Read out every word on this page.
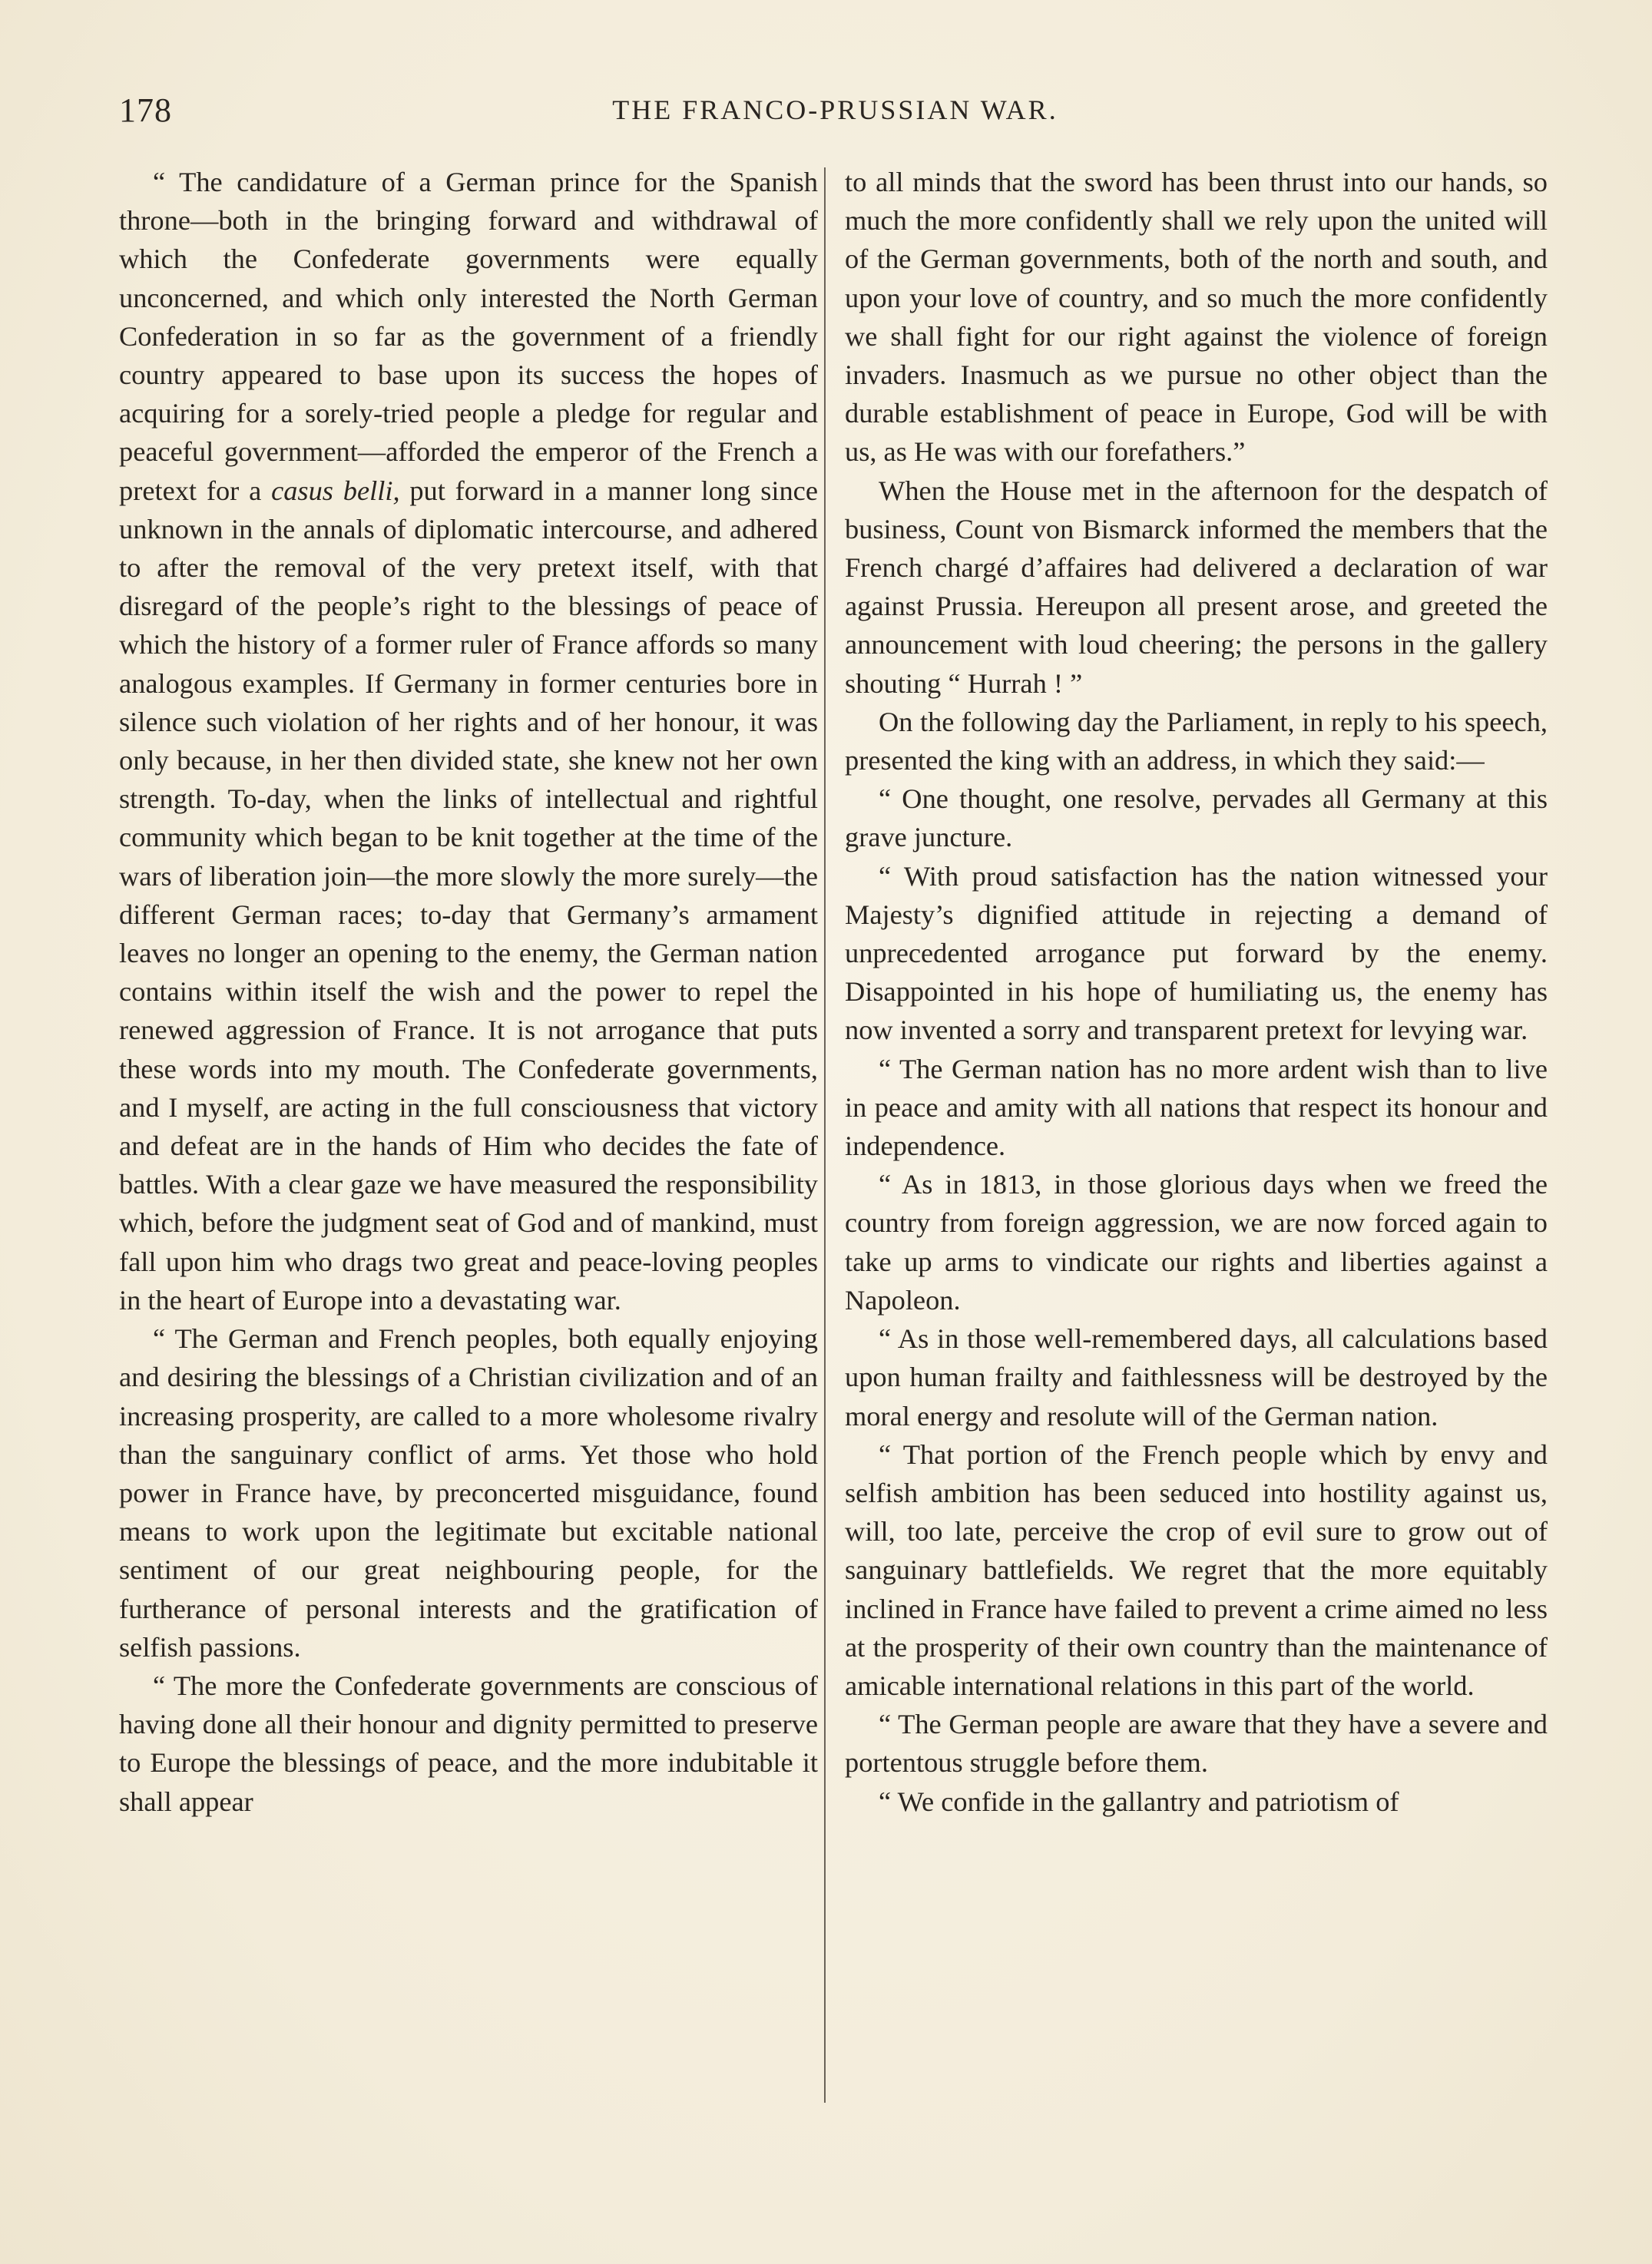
178	THE FRANCO-PRUSSIAN WAR.

“ The candidature of a German prince for the Spanish throne—both in the bringing forward and withdrawal of which the Confederate governments were equally unconcerned, and which only interested the North German Confederation in so far as the government of a friendly country appeared to base upon its success the hopes of acquiring for a sorely-tried people a pledge for regular and peaceful government—afforded the emperor of the French a pretext for a casus belli, put forward in a manner long since unknown in the annals of diplomatic intercourse, and adhered to after the removal of the very pretext itself, with that disregard of the people’s right to the blessings of peace of which the history of a former ruler of France affords so many analogous examples. If Germany in former centuries bore in silence such violation of her rights and of her honour, it was only because, in her then divided state, she knew not her own strength. To-day, when the links of intellectual and rightful community which began to be knit together at the time of the wars of liberation join—the more slowly the more surely—the different German races; to-day that Germany’s armament leaves no longer an opening to the enemy, the German nation contains within itself the wish and the power to repel the renewed aggression of France. It is not arrogance that puts these words into my mouth. The Confederate governments, and I myself, are acting in the full consciousness that victory and defeat are in the hands of Him who decides the fate of battles. With a clear gaze we have measured the responsibility which, before the judgment seat of God and of mankind, must fall upon him who drags two great and peace-loving peoples in the heart of Europe into a devastating war.

“ The German and French peoples, both equally enjoying and desiring the blessings of a Christian civilization and of an increasing prosperity, are called to a more wholesome rivalry than the sanguinary conflict of arms. Yet those who hold power in France have, by preconcerted misguidance, found means to work upon the legitimate but excitable national sentiment of our great neighbouring people, for the furtherance of personal interests and the gratification of selfish passions.

“ The more the Confederate governments are conscious of having done all their honour and dignity permitted to preserve to Europe the blessings of peace, and the more indubitable it shall appear

to all minds that the sword has been thrust into our hands, so much the more confidently shall we rely upon the united will of the German governments, both of the north and south, and upon your love of country, and so much the more confidently we shall fight for our right against the violence of foreign invaders. Inasmuch as we pursue no other object than the durable establishment of peace in Europe, God will be with us, as He was with our forefathers.”

When the House met in the afternoon for the despatch of business, Count von Bismarck informed the members that the French chargé d’affaires had delivered a declaration of war against Prussia. Hereupon all present arose, and greeted the announcement with loud cheering; the persons in the gallery shouting “ Hurrah ! ”

On the following day the Parliament, in reply to his speech, presented the king with an address, in which they said:—

“ One thought, one resolve, pervades all Germany at this grave juncture.

“ With proud satisfaction has the nation witnessed your Majesty’s dignified attitude in rejecting a demand of unprecedented arrogance put forward by the enemy. Disappointed in his hope of humiliating us, the enemy has now invented a sorry and transparent pretext for levying war.

“ The German nation has no more ardent wish than to live in peace and amity with all nations that respect its honour and independence.

“ As in 1813, in those glorious days when we freed the country from foreign aggression, we are now forced again to take up arms to vindicate our rights and liberties against a Napoleon.

“ As in those well-remembered days, all calculations based upon human frailty and faithlessness will be destroyed by the moral energy and resolute will of the German nation.

“ That portion of the French people which by envy and selfish ambition has been seduced into hostility against us, will, too late, perceive the crop of evil sure to grow out of sanguinary battlefields. We regret that the more equitably inclined in France have failed to prevent a crime aimed no less at the prosperity of their own country than the maintenance of amicable international relations in this part of the world.

“ The German people are aware that they have a severe and portentous struggle before them.

“ We confide in the gallantry and patriotism of
